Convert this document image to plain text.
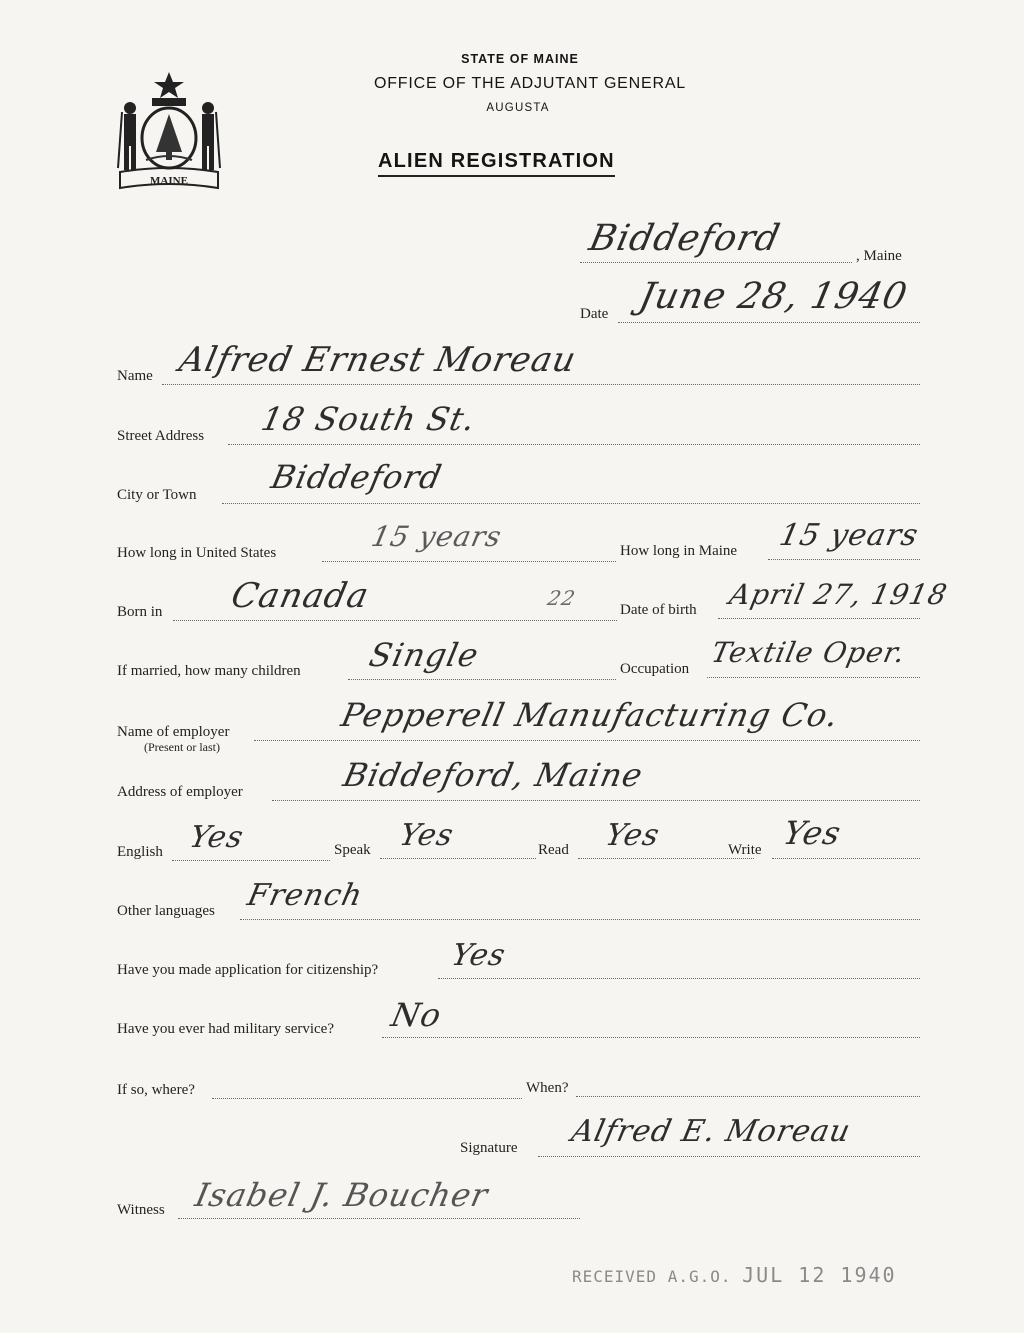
MAINE
STATE OF MAINE
OFFICE OF THE ADJUTANT GENERAL
AUGUSTA
ALIEN REGISTRATION
Biddeford	, Maine
Date June 28, 1940
Name Alfred Ernest Moreau
Street Address 18 South St.
City or Town Biddeford
How long in United States	15 years	How long in Maine 15 years
Born in Canada	22	Date of birth April 27, 1918
If married, how many children Single	Occupation Textile Oper.
Name of employer
(Present or last)
Pepperell Manufacturing Co.
Address of employer	Biddeford, Maine
English Yes	Speak Yes	Read Yes	Write Yes
Other languages French
Have you made application for citizenship? Yes
Have you ever had military service? No
If so, where?	When?
Signature Alfred E. Moreau
Witness Isabel J. Boucher
RECEIVED A.G.O. JUL 12 1940
